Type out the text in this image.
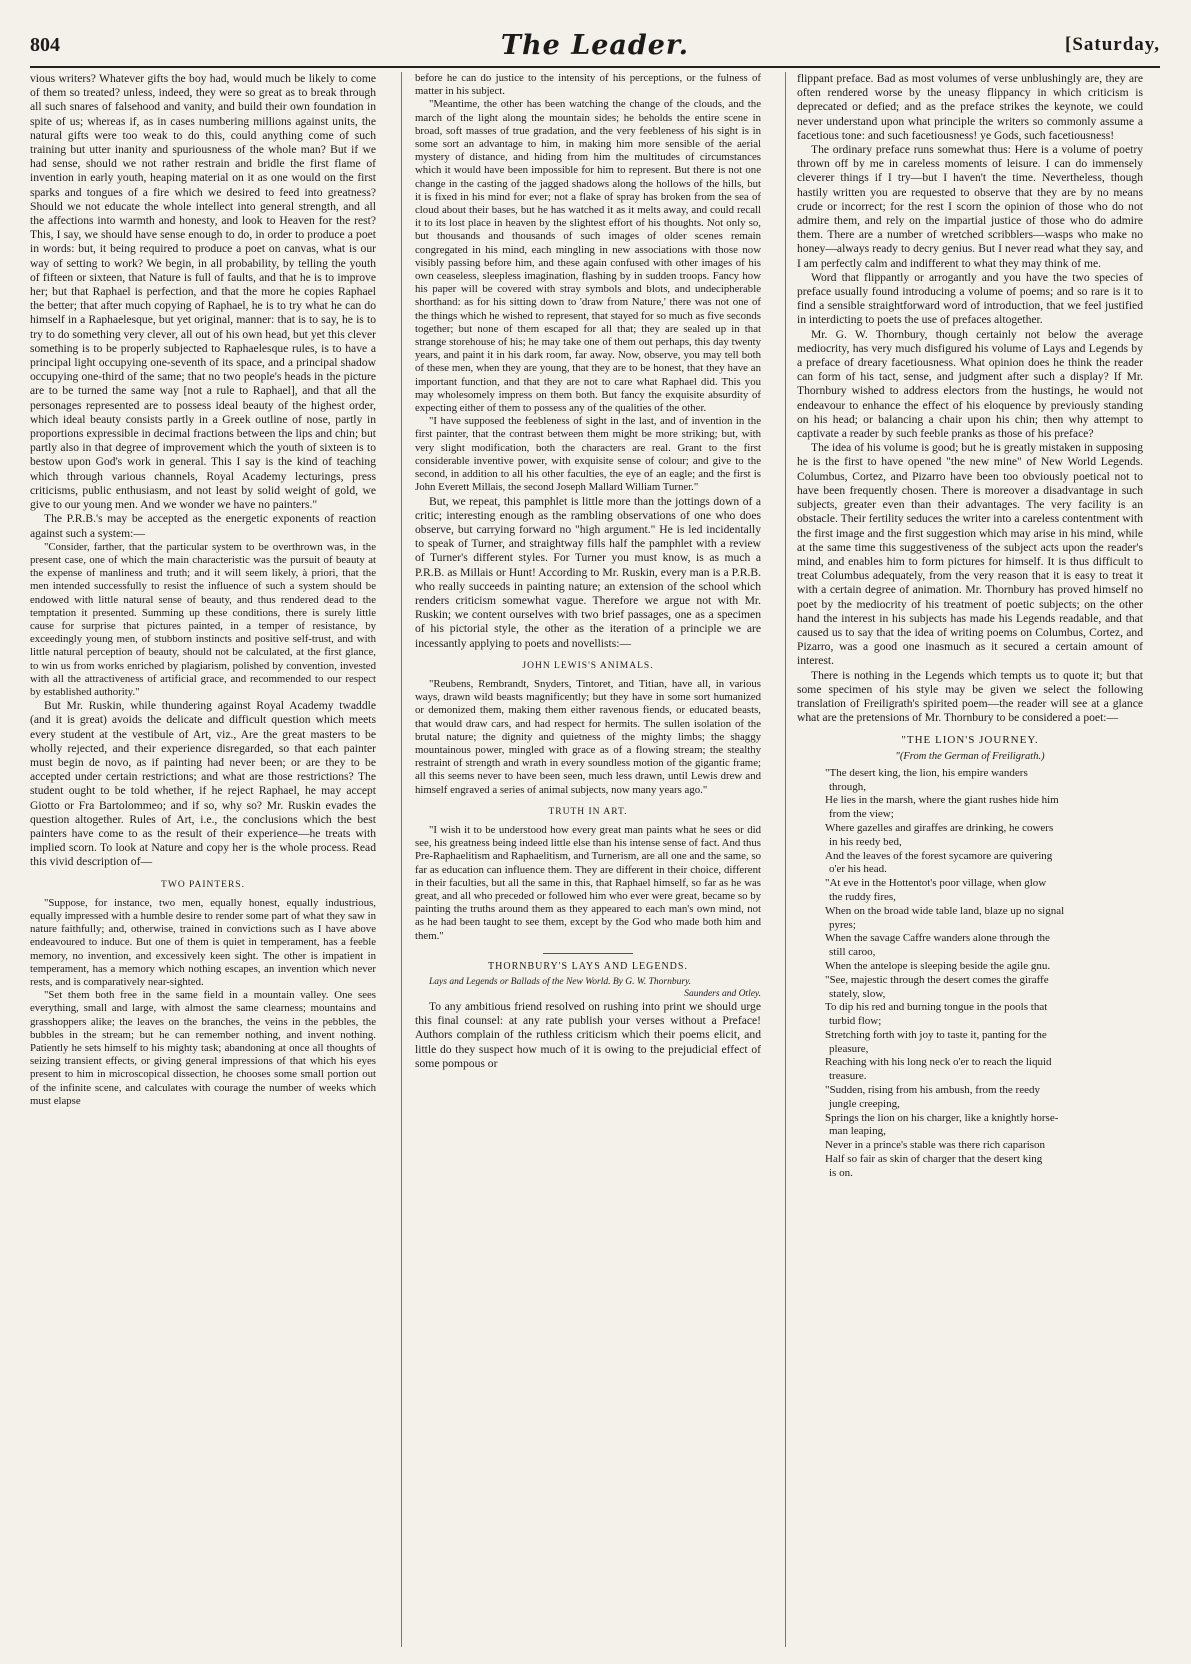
804	The Leader.	[Saturday,

vious writers? Whatever gifts the boy had, would much be likely to come of them so treated? unless, indeed, they were so great as to break through all such snares of falsehood and vanity, and build their own foundation in spite of us; whereas if, as in cases numbering millions against units, the natural gifts were too weak to do this, could anything come of such training but utter inanity and spuriousness of the whole man? But if we had sense, should we not rather restrain and bridle the first flame of invention in early youth, heaping material on it as one would on the first sparks and tongues of a fire which we desired to feed into greatness? Should we not educate the whole intellect into general strength, and all the affections into warmth and honesty, and look to Heaven for the rest? This, I say, we should have sense enough to do, in order to produce a poet in words: but, it being required to produce a poet on canvas, what is our way of setting to work? We begin, in all probability, by telling the youth of fifteen or sixteen, that Nature is full of faults, and that he is to improve her; but that Raphael is perfection, and that the more he copies Raphael the better; that after much copying of Raphael, he is to try what he can do himself in a Raphaelesque, but yet original, manner: that is to say, he is to try to do something very clever, all out of his own head, but yet this clever something is to be properly subjected to Raphaelesque rules, is to have a principal light occupying one-seventh of its space, and a principal shadow occupying one-third of the same; that no two people's heads in the picture are to be turned the same way [not a rule to Raphael], and that all the personages represented are to possess ideal beauty of the highest order, which ideal beauty consists partly in a Greek outline of nose, partly in proportions expressible in decimal fractions between the lips and chin; but partly also in that degree of improvement which the youth of sixteen is to bestow upon God's work in general. This I say is the kind of teaching which through various channels, Royal Academy lecturings, press criticisms, public enthusiasm, and not least by solid weight of gold, we give to our young men. And we wonder we have no painters."

The P.R.B.'s may be accepted as the energetic exponents of reaction against such a system:—

"Consider, farther, that the particular system to be overthrown was, in the present case, one of which the main characteristic was the pursuit of beauty at the expense of manliness and truth; and it will seem likely, à priori, that the men intended successfully to resist the influence of such a system should be endowed with little natural sense of beauty, and thus rendered dead to the temptation it presented. Summing up these conditions, there is surely little cause for surprise that pictures painted, in a temper of resistance, by exceedingly young men, of stubborn instincts and positive self-trust, and with little natural perception of beauty, should not be calculated, at the first glance, to win us from works enriched by plagiarism, polished by convention, invested with all the attractiveness of artificial grace, and recommended to our respect by established authority."

But Mr. Ruskin, while thundering against Royal Academy twaddle (and it is great) avoids the delicate and difficult question which meets every student at the vestibule of Art, viz., Are the great masters to be wholly rejected, and their experience disregarded, so that each painter must begin de novo, as if painting had never been; or are they to be accepted under certain restrictions; and what are those restrictions? The student ought to be told whether, if he reject Raphael, he may accept Giotto or Fra Bartolommeo; and if so, why so? Mr. Ruskin evades the question altogether. Rules of Art, i.e., the conclusions which the best painters have come to as the result of their experience—he treats with implied scorn. To look at Nature and copy her is the whole process. Read this vivid description of—

TWO PAINTERS.

"Suppose, for instance, two men, equally honest, equally industrious, equally impressed with a humble desire to render some part of what they saw in nature faithfully; and, otherwise, trained in convictions such as I have above endeavoured to induce. But one of them is quiet in temperament, has a feeble memory, no invention, and excessively keen sight. The other is impatient in temperament, has a memory which nothing escapes, an invention which never rests, and is comparatively near-sighted.

"Set them both free in the same field in a mountain valley. One sees everything, small and large, with almost the same clearness; mountains and grasshoppers alike; the leaves on the branches, the veins in the pebbles, the bubbles in the stream; but he can remember nothing, and invent nothing. Patiently he sets himself to his mighty task; abandoning at once all thoughts of seizing transient effects, or giving general impressions of that which his eyes present to him in microscopical dissection, he chooses some small portion out of the infinite scene, and calculates with courage the number of weeks which must elapse

before he can do justice to the intensity of his perceptions, or the fulness of matter in his subject.

"Meantime, the other has been watching the change of the clouds, and the march of the light along the mountain sides; he beholds the entire scene in broad, soft masses of true gradation, and the very feebleness of his sight is in some sort an advantage to him, in making him more sensible of the aerial mystery of distance, and hiding from him the multitudes of circumstances which it would have been impossible for him to represent. But there is not one change in the casting of the jagged shadows along the hollows of the hills, but it is fixed in his mind for ever; not a flake of spray has broken from the sea of cloud about their bases, but he has watched it as it melts away, and could recall it to its lost place in heaven by the slightest effort of his thoughts. Not only so, but thousands and thousands of such images of older scenes remain congregated in his mind, each mingling in new associations with those now visibly passing before him, and these again confused with other images of his own ceaseless, sleepless imagination, flashing by in sudden troops. Fancy how his paper will be covered with stray symbols and blots, and undecipherable shorthand: as for his sitting down to 'draw from Nature,' there was not one of the things which he wished to represent, that stayed for so much as five seconds together; but none of them escaped for all that; they are sealed up in that strange storehouse of his; he may take one of them out perhaps, this day twenty years, and paint it in his dark room, far away. Now, observe, you may tell both of these men, when they are young, that they are to be honest, that they have an important function, and that they are not to care what Raphael did. This you may wholesomely impress on them both. But fancy the exquisite absurdity of expecting either of them to possess any of the qualities of the other.

"I have supposed the feebleness of sight in the last, and of invention in the first painter, that the contrast between them might be more striking; but, with very slight modification, both the characters are real. Grant to the first considerable inventive power, with exquisite sense of colour; and give to the second, in addition to all his other faculties, the eye of an eagle; and the first is John Everett Millais, the second Joseph Mallard William Turner."

But, we repeat, this pamphlet is little more than the jottings down of a critic; interesting enough as the rambling observations of one who does observe, but carrying forward no "high argument." He is led incidentally to speak of Turner, and straightway fills half the pamphlet with a review of Turner's different styles. For Turner you must know, is as much a P.R.B. as Millais or Hunt! According to Mr. Ruskin, every man is a P.R.B. who really succeeds in painting nature; an extension of the school which renders criticism somewhat vague. Therefore we argue not with Mr. Ruskin; we content ourselves with two brief passages, one as a specimen of his pictorial style, the other as the iteration of a principle we are incessantly applying to poets and novellists:—

JOHN LEWIS'S ANIMALS.

"Reubens, Rembrandt, Snyders, Tintoret, and Titian, have all, in various ways, drawn wild beasts magnificently; but they have in some sort humanized or demonized them, making them either ravenous fiends, or educated beasts, that would draw cars, and had respect for hermits. The sullen isolation of the brutal nature; the dignity and quietness of the mighty limbs; the shaggy mountainous power, mingled with grace as of a flowing stream; the stealthy restraint of strength and wrath in every soundless motion of the gigantic frame; all this seems never to have been seen, much less drawn, until Lewis drew and himself engraved a series of animal subjects, now many years ago."

TRUTH IN ART.

"I wish it to be understood how every great man paints what he sees or did see, his greatness being indeed little else than his intense sense of fact. And thus Pre-Raphaelitism and Raphaelitism, and Turnerism, are all one and the same, so far as education can influence them. They are different in their choice, different in their faculties, but all the same in this, that Raphael himself, so far as he was great, and all who preceded or followed him who ever were great, became so by painting the truths around them as they appeared to each man's own mind, not as he had been taught to see them, except by the God who made both him and them."

THORNBURY'S LAYS AND LEGENDS.

Lays and Legends or Ballads of the New World. By G. W. Thornbury.
Saunders and Otley.

To any ambitious friend resolved on rushing into print we should urge this final counsel: at any rate publish your verses without a Preface! Authors complain of the ruthless criticism which their poems elicit, and little do they suspect how much of it is owing to the prejudicial effect of some pompous or

flippant preface. Bad as most volumes of verse unblushingly are, they are often rendered worse by the uneasy flippancy in which criticism is deprecated or defied; and as the preface strikes the keynote, we could never understand upon what principle the writers so commonly assume a facetious tone: and such facetiousness! ye Gods, such facetiousness!

The ordinary preface runs somewhat thus: Here is a volume of poetry thrown off by me in careless moments of leisure. I can do immensely cleverer things if I try—but I haven't the time. Nevertheless, though hastily written you are requested to observe that they are by no means crude or incorrect; for the rest I scorn the opinion of those who do not admire them, and rely on the impartial justice of those who do admire them. There are a number of wretched scribblers—wasps who make no honey—always ready to decry genius. But I never read what they say, and I am perfectly calm and indifferent to what they may think of me.

Word that flippantly or arrogantly and you have the two species of preface usually found introducing a volume of poems; and so rare is it to find a sensible straightforward word of introduction, that we feel justified in interdicting to poets the use of prefaces altogether.

Mr. G. W. Thornbury, though certainly not below the average mediocrity, has very much disfigured his volume of Lays and Legends by a preface of dreary facetiousness. What opinion does he think the reader can form of his tact, sense, and judgment after such a display? If Mr. Thornbury wished to address electors from the hustings, he would not endeavour to enhance the effect of his eloquence by previously standing on his head; or balancing a chair upon his chin; then why attempt to captivate a reader by such feeble pranks as those of his preface?

The idea of his volume is good; but he is greatly mistaken in supposing he is the first to have opened "the new mine" of New World Legends. Columbus, Cortez, and Pizarro have been too obviously poetical not to have been frequently chosen. There is moreover a disadvantage in such subjects, greater even than their advantages. The very facility is an obstacle. Their fertility seduces the writer into a careless contentment with the first image and the first suggestion which may arise in his mind, while at the same time this suggestiveness of the subject acts upon the reader's mind, and enables him to form pictures for himself. It is thus difficult to treat Columbus adequately, from the very reason that it is easy to treat it with a certain degree of animation. Mr. Thornbury has proved himself no poet by the mediocrity of his treatment of poetic subjects; on the other hand the interest in his subjects has made his Legends readable, and that caused us to say that the idea of writing poems on Columbus, Cortez, and Pizarro, was a good one inasmuch as it secured a certain amount of interest.

There is nothing in the Legends which tempts us to quote it; but that some specimen of his style may be given we select the following translation of Freiligrath's spirited poem—the reader will see at a glance what are the pretensions of Mr. Thornbury to be considered a poet:—

"THE LION'S JOURNEY.
"(From the German of Freiligrath.)

"The desert king, the lion, his empire wanders

through,

He lies in the marsh, where the giant rushes hide him

from the view;

Where gazelles and giraffes are drinking, he cowers

in his reedy bed,

And the leaves of the forest sycamore are quivering

o'er his head.

"At eve in the Hottentot's poor village, when glow

the ruddy fires,

When on the broad wide table land, blaze up no signal

pyres;

When the savage Caffre wanders alone through the

still caroo,

When the antelope is sleeping beside the agile gnu.

"See, majestic through the desert comes the giraffe

stately, slow,

To dip his red and burning tongue in the pools that

turbid flow;

Stretching forth with joy to taste it, panting for the

pleasure,

Reaching with his long neck o'er to reach the liquid

treasure.

"Sudden, rising from his ambush, from the reedy

jungle creeping,

Springs the lion on his charger, like a knightly horse-

man leaping,

Never in a prince's stable was there rich caparison

Half so fair as skin of charger that the desert king

is on.
